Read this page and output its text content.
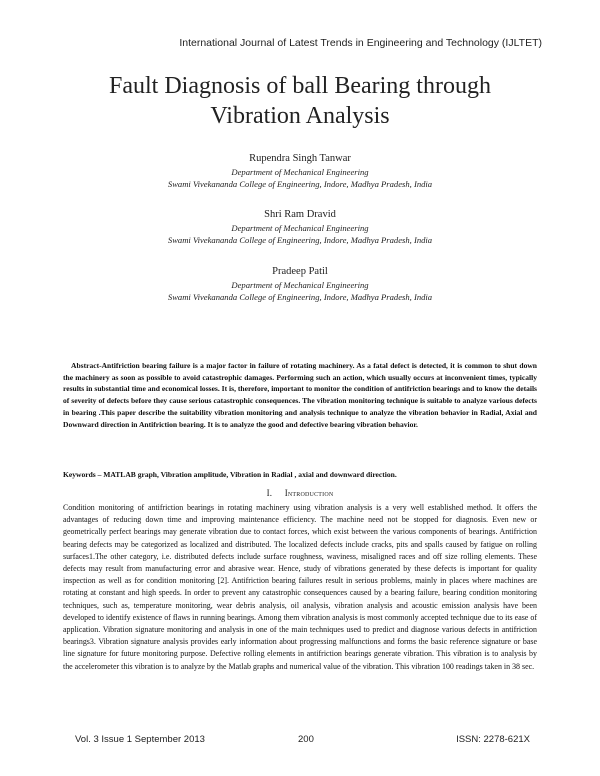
International Journal of Latest Trends in Engineering and Technology (IJLTET)
Fault Diagnosis of ball Bearing through
Vibration Analysis
Rupendra Singh Tanwar
Department of Mechanical Engineering
Swami Vivekananda College of Engineering, Indore, Madhya Pradesh, India
Shri Ram Dravid
Department of Mechanical Engineering
Swami Vivekananda College of Engineering, Indore, Madhya Pradesh, India
Pradeep Patil
Department of Mechanical Engineering
Swami Vivekananda College of Engineering, Indore, Madhya Pradesh, India
Abstract-Antifriction bearing failure is a major factor in failure of rotating machinery. As a fatal defect is detected, it is common to shut down the machinery as soon as possible to avoid catastrophic damages. Performing such an action, which usually occurs at inconvenient times, typically results in substantial time and economical losses. It is, therefore, important to monitor the condition of antifriction bearings and to know the details of severity of defects before they cause serious catastrophic consequences. The vibration monitoring technique is suitable to analyze various defects in bearing .This paper describe the suitability vibration monitoring and analysis technique to analyze the vibration behavior in Radial, Axial and Downward direction in Antifriction bearing. It is to analyze the good and defective bearing vibration behavior.
Keywords – MATLAB graph, Vibration amplitude, Vibration in Radial , axial and downward direction.
I. Introduction
Condition monitoring of antifriction bearings in rotating machinery using vibration analysis is a very well established method. It offers the advantages of reducing down time and improving maintenance efficiency. The machine need not be stopped for diagnosis. Even new or geometrically perfect bearings may generate vibration due to contact forces, which exist between the various components of bearings. Antifriction bearing defects may be categorized as localized and distributed. The localized defects include cracks, pits and spalls caused by fatigue on rolling surfaces1.The other category, i.e. distributed defects include surface roughness, waviness, misaligned races and off size rolling elements. These defects may result from manufacturing error and abrasive wear. Hence, study of vibrations generated by these defects is important for quality inspection as well as for condition monitoring [2]. Antifriction bearing failures result in serious problems, mainly in places where machines are rotating at constant and high speeds. In order to prevent any catastrophic consequences caused by a bearing failure, bearing condition monitoring techniques, such as, temperature monitoring, wear debris analysis, oil analysis, vibration analysis and acoustic emission analysis have been developed to identify existence of flaws in running bearings. Among them vibration analysis is most commonly accepted technique due to its ease of application. Vibration signature monitoring and analysis in one of the main techniques used to predict and diagnose various defects in antifriction bearings3. Vibration signature analysis provides early information about progressing malfunctions and forms the basic reference signature or base line signature for future monitoring purpose. Defective rolling elements in antifriction bearings generate vibration. This vibration is to analysis by the accelerometer this vibration is to analyze by the Matlab graphs and numerical value of the vibration. This vibration 100 readings taken in 38 sec.
Vol. 3 Issue 1 September 2013	200	ISSN: 2278-621X
